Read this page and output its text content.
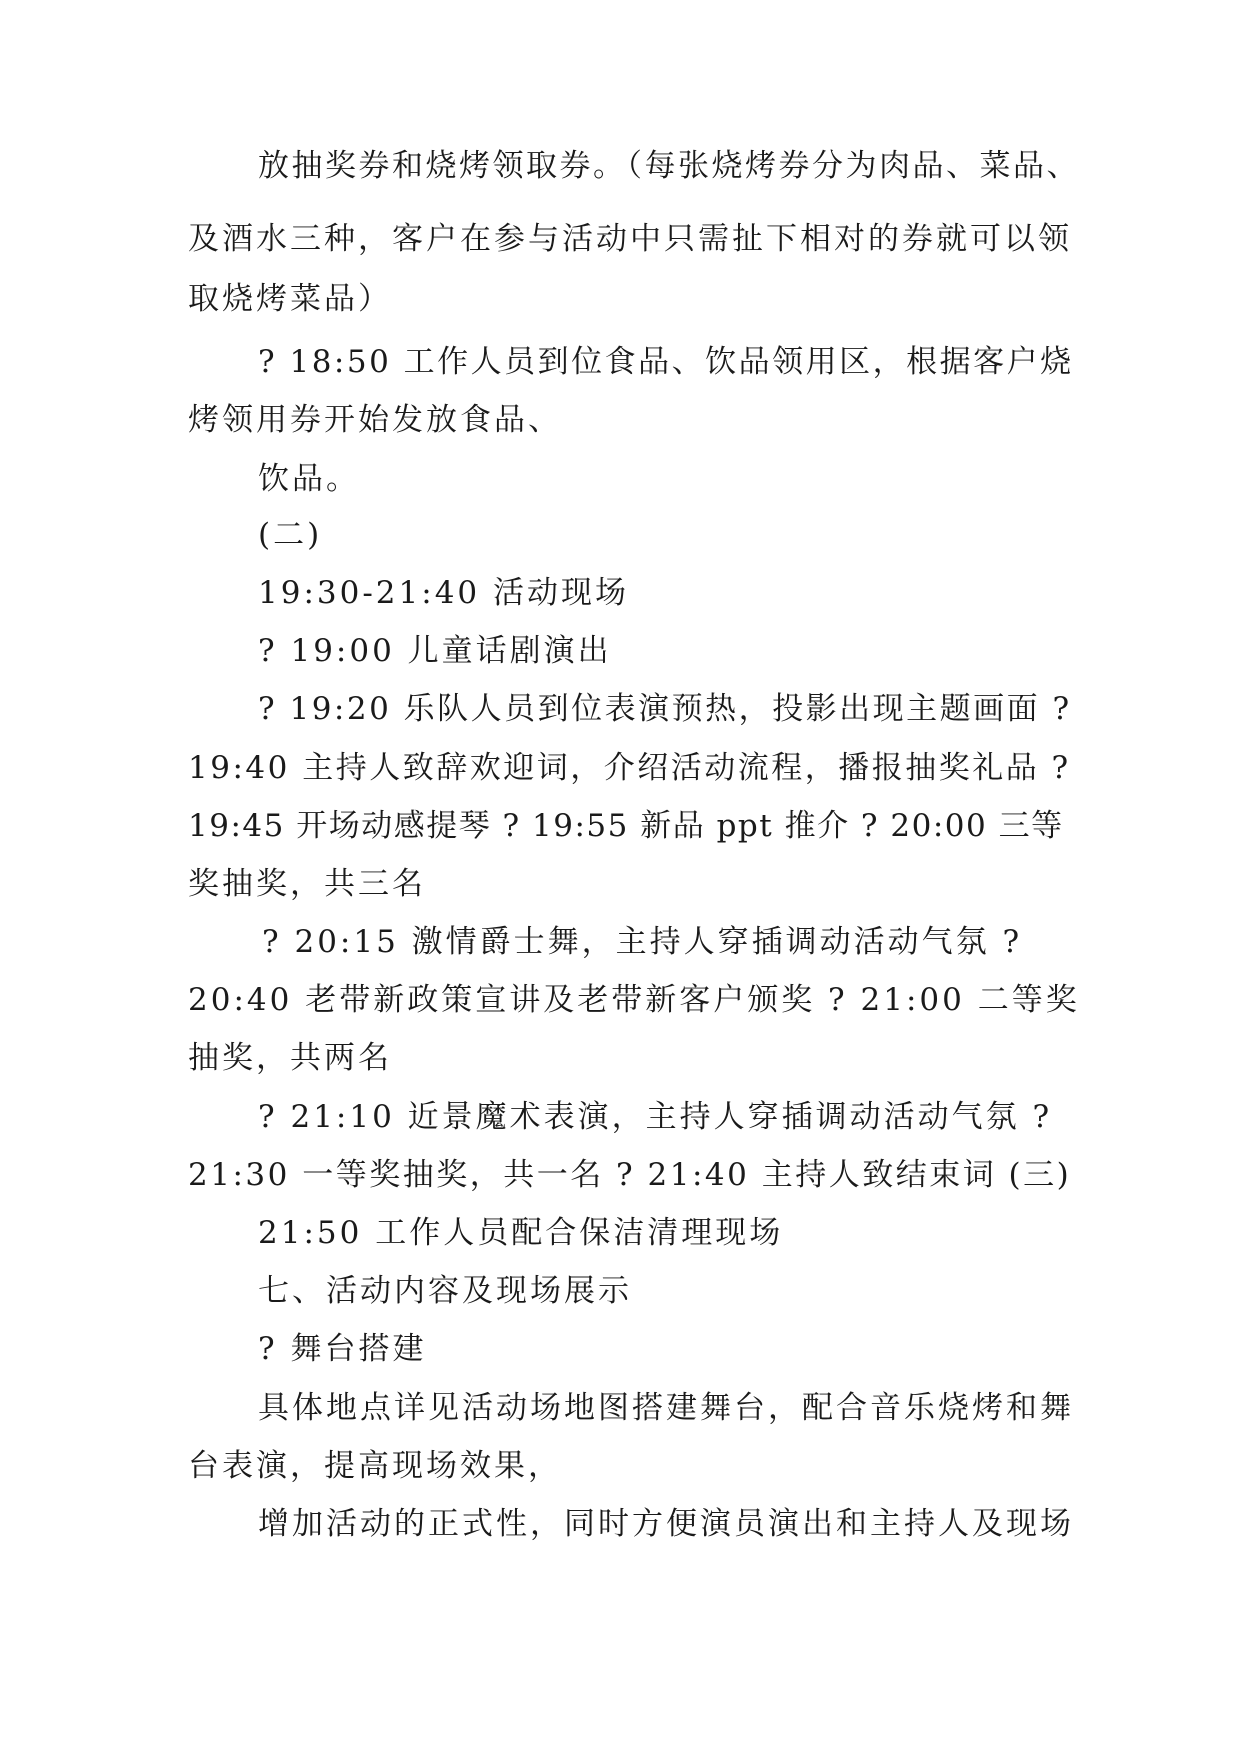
放抽奖券和烧烤领取券。（每张烧烤券分为肉品、菜品、
及酒水三种，客户在参与活动中只需扯下相对的券就可以领
取烧烤菜品）
? 18:50 工作人员到位食品、饮品领用区，根据客户烧
烤领用券开始发放食品、
饮品。
(二)
19:30-21:40 活动现场
? 19:00 儿童话剧演出
? 19:20 乐队人员到位表演预热，投影出现主题画面 ?
19:40 主持人致辞欢迎词，介绍活动流程，播报抽奖礼品 ?
19:45 开场动感提琴 ? 19:55 新品 ppt 推介 ? 20:00 三等
奖抽奖，共三名
? 20:15 激情爵士舞，主持人穿插调动活动气氛 ?
20:40 老带新政策宣讲及老带新客户颁奖 ? 21:00 二等奖
抽奖，共两名
? 21:10 近景魔术表演，主持人穿插调动活动气氛 ?
21:30 一等奖抽奖，共一名 ? 21:40 主持人致结束词 (三)
21:50 工作人员配合保洁清理现场
七、活动内容及现场展示
? 舞台搭建
具体地点详见活动场地图搭建舞台，配合音乐烧烤和舞
台表演，提高现场效果，
增加活动的正式性，同时方便演员演出和主持人及现场
